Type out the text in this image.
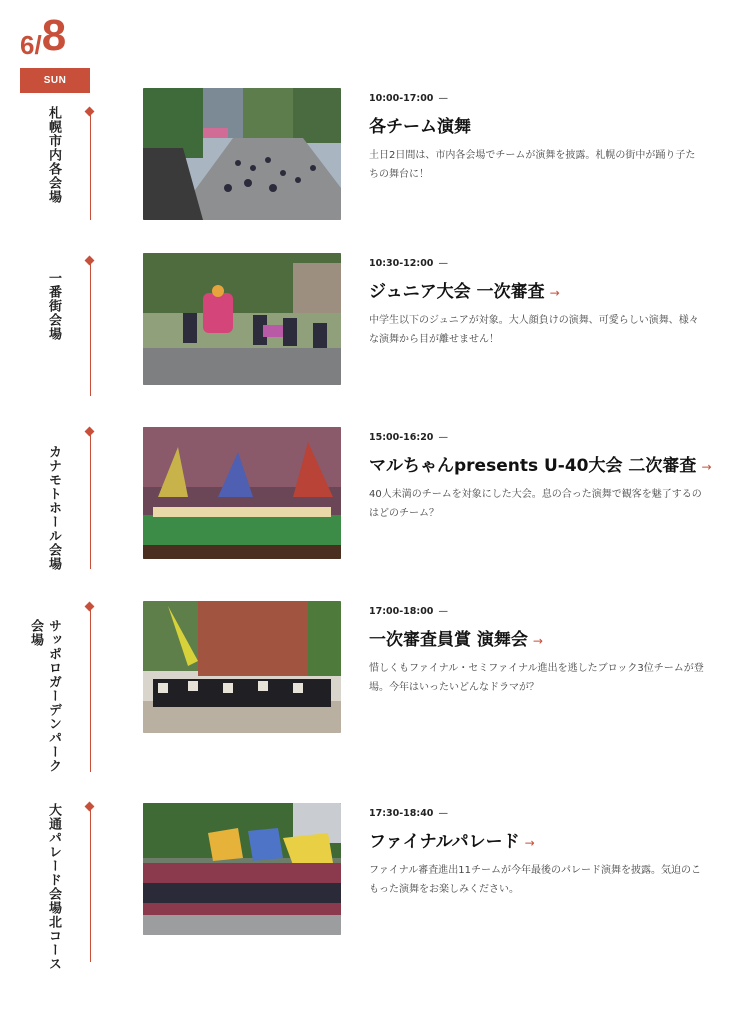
6/8
SUN
札幌市内各会場
10:00-17:00 —
各チーム演舞
土日2日間は、市内各会場でチームが演舞を披露。札幌の街中が踊り子たちの舞台に！
一番街会場
10:30-12:00 —
ジュニア大会 一次審査 →
中学生以下のジュニアが対象。大人顔負けの演舞、可愛らしい演舞、様々な演舞から目が離せません！
カナモトホール会場
15:00-16:20 —
マルちゃんpresents U-40大会 二次審査 →
40人未満のチームを対象にした大会。息の合った演舞で観客を魅了するのはどのチーム？
サッポロガーデンパーク会場
17:00-18:00 —
一次審査員賞 演舞会 →
惜しくもファイナル・セミファイナル進出を逃したブロック3位チームが登場。今年はいったいどんなドラマが？
大通パレード会場北コース	17:30-18:40 —
ファイナルパレード →
ファイナル審査進出11チームが今年最後のパレード演舞を披露。気迫のこもった演舞をお楽しみください。
